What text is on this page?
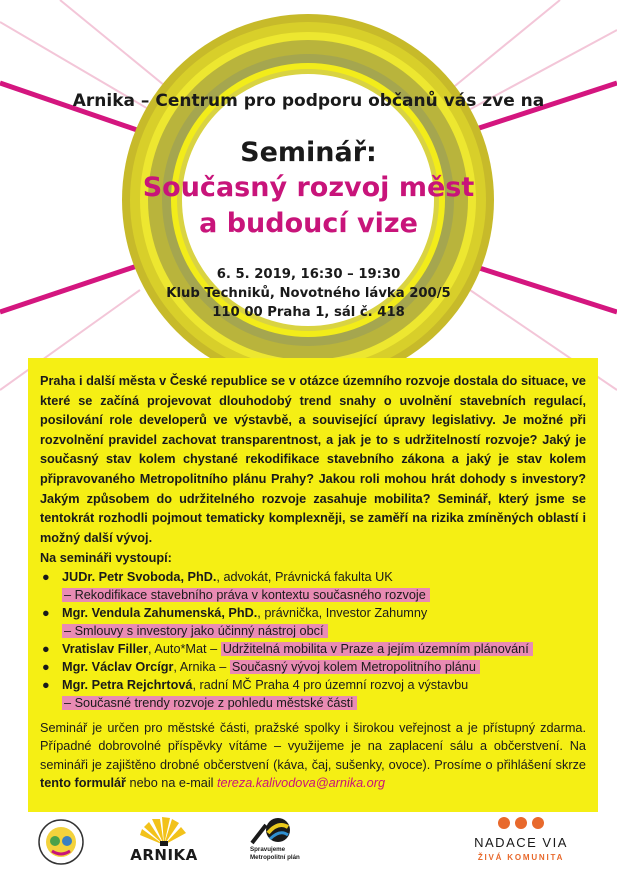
Arnika – Centrum pro podporu občanů vás zve na
Seminář:
Současný rozvoj měst
a budoucí vize
6. 5. 2019, 16:30 – 19:30
Klub Techniků, Novotného lávka 200/5
110 00 Praha 1, sál č. 418
Praha i další města v České republice se v otázce územního rozvoje dostala do situace, ve které se začíná projevovat dlouhodobý trend snahy o uvolnění stavebních regulací, posilování role developerů ve výstavbě, a související úpravy legislativy. Je možné při rozvolnění pravidel zachovat transparentnost, a jak je to s udržitelností rozvoje? Jaký je současný stav kolem chystané rekodifikace stavebního zákona a jaký je stav kolem připravovaného Metropolitního plánu Prahy? Jakou roli mohou hrát dohody s investory? Jakým způsobem do udržitelného rozvoje zasahuje mobilita? Seminář, který jsme se tentokrát rozhodli pojmout tematicky komplexněji, se zaměří na rizika zmíněných oblastí i možný další vývoj.
Na semináři vystoupí:
● JUDr. Petr Svoboda, PhD., advokát, Právnická fakulta UK
– Rekodifikace stavebního práva v kontextu současného rozvoje
● Mgr. Vendula Zahumenská, PhD., právnička, Investor Zahumny
– Smlouvy s investory jako účinný nástroj obcí
● Vratislav Filler, Auto*Mat – Udržitelná mobilita v Praze a jejím územním plánování
● Mgr. Václav Orcígr, Arnika – Současný vývoj kolem Metropolitního plánu
● Mgr. Petra Rejchrtová, radní MČ Praha 4 pro územní rozvoj a výstavbu
– Současné trendy rozvoje z pohledu městské části
Seminář je určen pro městské části, pražské spolky i širokou veřejnost a je přístupný zdarma. Případné dobrovolné příspěvky vítáme – využijeme je na zaplacení sálu a občerstvení. Na semináři je zajištěno drobné občerstvení (káva, čaj, sušenky, ovoce). Prosíme o přihlášení skrze tento formulář nebo na e-mail tereza.kalivodova@arnika.org
ARNIKA	Spravujeme
Metropolitní plán
NADACE VIA
ŽIVÁ KOMUNITA
